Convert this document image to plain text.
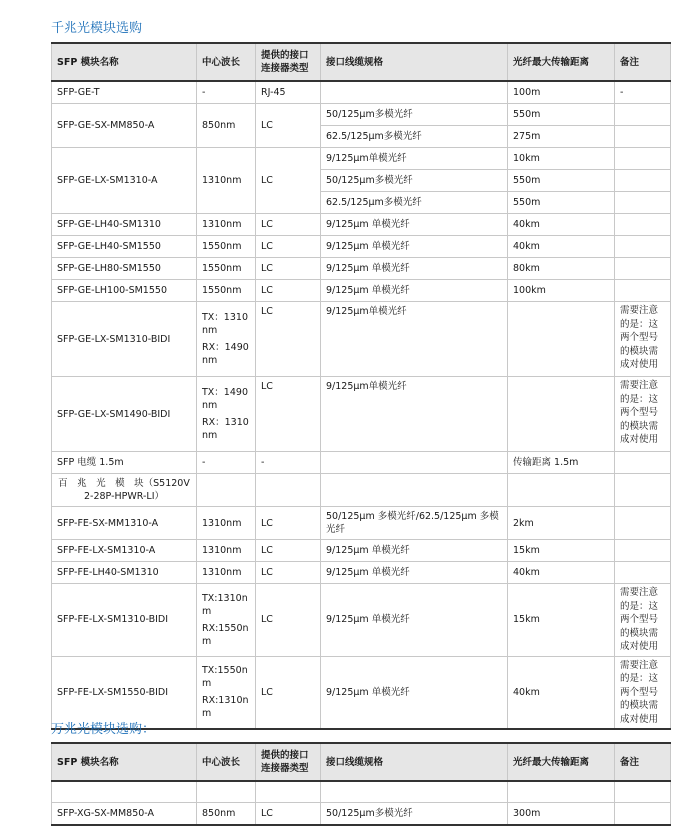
千兆光模块选购
SFP 模块名称	中心波长	提供的接口连接器类型	接口线缆规格	光纤最大传输距离	备注
SFP-GE-T	-	RJ-45		100m	-
SFP-GE-SX-MM850-A	850nm	LC	50/125μm多模光纤	550m	
			62.5/125μm多模光纤	275m	
SFP-GE-LX-SM1310-A	1310nm	LC	9/125μm单模光纤	10km	
			50/125μm多模光纤	550m	
			62.5/125μm多模光纤	550m	
SFP-GE-LH40-SM1310	1310nm	LC	9/125μm 单模光纤	40km	
SFP-GE-LH40-SM1550	1550nm	LC	9/125μm 单模光纤	40km	
SFP-GE-LH80-SM1550	1550nm	LC	9/125μm 单模光纤	80km	
SFP-GE-LH100-SM1550	1550nm	LC	9/125μm 单模光纤	100km	
SFP-GE-LX-SM1310-BIDI	TX：1310nm
RX：1490nm	LC	9/125μm单模光纤		需要注意的是：这两个型号的模块需成对使用
SFP-GE-LX-SM1490-BIDI	TX：1490nm
RX：1310nm	LC	9/125μm单模光纤		需要注意的是：这两个型号的模块需成对使用
SFP 电缆 1.5m	-	-		传输距离 1.5m	
百　兆　光　模　块（S5120V2-28P-HPWR-LI）					
SFP-FE-SX-MM1310-A	1310nm	LC	50/125μm 多模光纤/62.5/125μm 多模光纤	2km	
SFP-FE-LX-SM1310-A	1310nm	LC	9/125μm 单模光纤	15km	
SFP-FE-LH40-SM1310	1310nm	LC	9/125μm 单模光纤	40km	
SFP-FE-LX-SM1310-BIDI	TX:1310nm
RX:1550nm	LC	9/125μm 单模光纤	15km	需要注意的是：这两个型号的模块需成对使用
SFP-FE-LX-SM1550-BIDI	TX:1550nm
RX:1310nm	LC	9/125μm 单模光纤	40km	需要注意的是：这两个型号的模块需成对使用
万兆光模块选购：
SFP 模块名称	中心波长	提供的接口连接器类型	接口线缆规格	光纤最大传输距离	备注

SFP-XG-SX-MM850-A	850nm	LC	50/125μm多模光纤	300m	
